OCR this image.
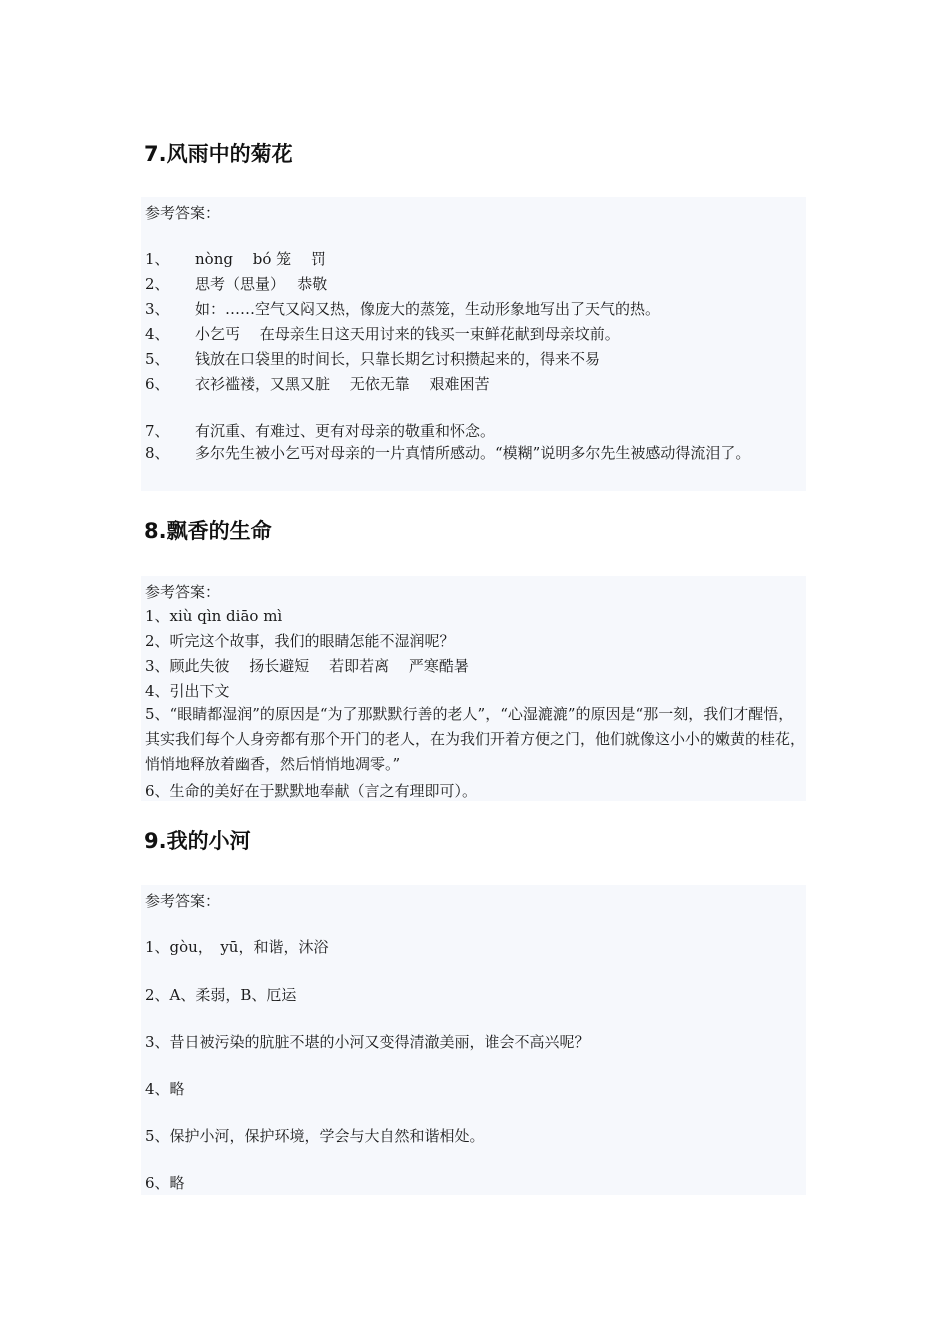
7.风雨中的菊花
参考答案：
1、 nòng　 bó 笼　 罚
2、 思考（思量）　 恭敬
3、 如：……空气又闷又热，像庞大的蒸笼，生动形象地写出了天气的热。
4、 小乞丐　 在母亲生日这天用讨来的钱买一束鲜花献到母亲坟前。
5、 钱放在口袋里的时间长，只靠长期乞讨积攒起来的，得来不易
6、 衣衫褴褛，又黑又脏　 无依无靠　 艰难困苦
7、 有沉重、有难过、更有对母亲的敬重和怀念。
8、 多尔先生被小乞丐对母亲的一片真情所感动。“模糊”说明多尔先生被感动得流泪了。
8.飘香的生命
参考答案：
1、xiù qìn diāo mì
2、听完这个故事，我们的眼睛怎能不湿润呢？
3、顾此失彼　 扬长避短　 若即若离　 严寒酷暑
4、引出下文
5、“眼睛都湿润”的原因是“为了那默默行善的老人”，“心湿漉漉”的原因是“那一刻，我们才醒悟，其实我们每个人身旁都有那个开门的老人，在为我们开着方便之门，他们就像这小小的嫩黄的桂花，悄悄地释放着幽香，然后悄悄地凋零。”
6、生命的美好在于默默地奉献（言之有理即可）。
9.我的小河
参考答案：
1、gòu，　yū，和谐，沐浴
2、A、柔弱，B、厄运
3、昔日被污染的肮脏不堪的小河又变得清澈美丽，谁会不高兴呢？
4、略
5、保护小河，保护环境，学会与大自然和谐相处。
6、略
